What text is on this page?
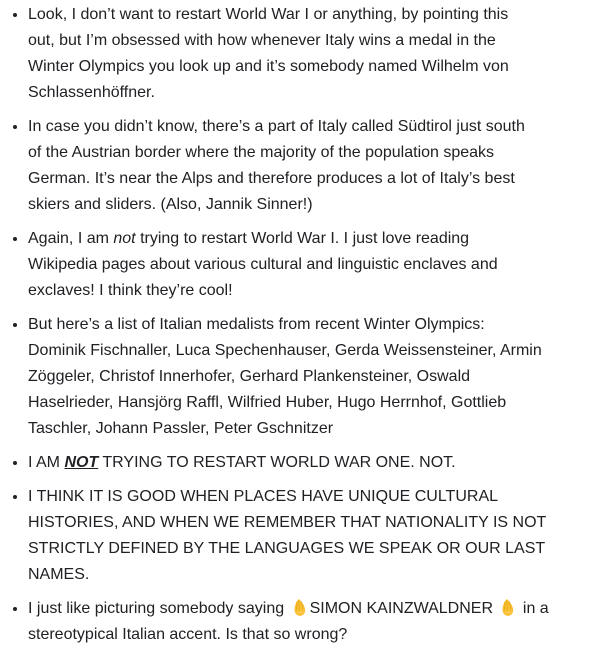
Look, I don’t want to restart World War I or anything, by pointing this
out, but I’m obsessed with how whenever Italy wins a medal in the
Winter Olympics you look up and it’s somebody named Wilhelm von
Schlassenhöffner.
In case you didn’t know, there’s a part of Italy called Südtirol just south
of the Austrian border where the majority of the population speaks
German. It’s near the Alps and therefore produces a lot of Italy’s best
skiers and sliders. (Also, Jannik Sinner!)
Again, I am not trying to restart World War I. I just love reading
Wikipedia pages about various cultural and linguistic enclaves and
exclaves! I think they’re cool!
But here’s a list of Italian medalists from recent Winter Olympics:
Dominik Fischnaller, Luca Spechenhauser, Gerda Weissensteiner, Armin
Zöggeler, Christof Innerhofer, Gerhard Plankensteiner, Oswald
Haselrieder, Hansjörg Raffl, Wilfried Huber, Hugo Herrnhof, Gottlieb
Taschler, Johann Passler, Peter Gschnitzer
I AM NOT TRYING TO RESTART WORLD WAR ONE. NOT.
I THINK IT IS GOOD WHEN PLACES HAVE UNIQUE CULTURAL
HISTORIES, AND WHEN WE REMEMBER THAT NATIONALITY IS NOT
STRICTLY DEFINED BY THE LANGUAGES WE SPEAK OR OUR LAST
NAMES.
I just like picturing somebody saying SIMON KAINZWALDNER  in a
stereotypical Italian accent. Is that so wrong?
